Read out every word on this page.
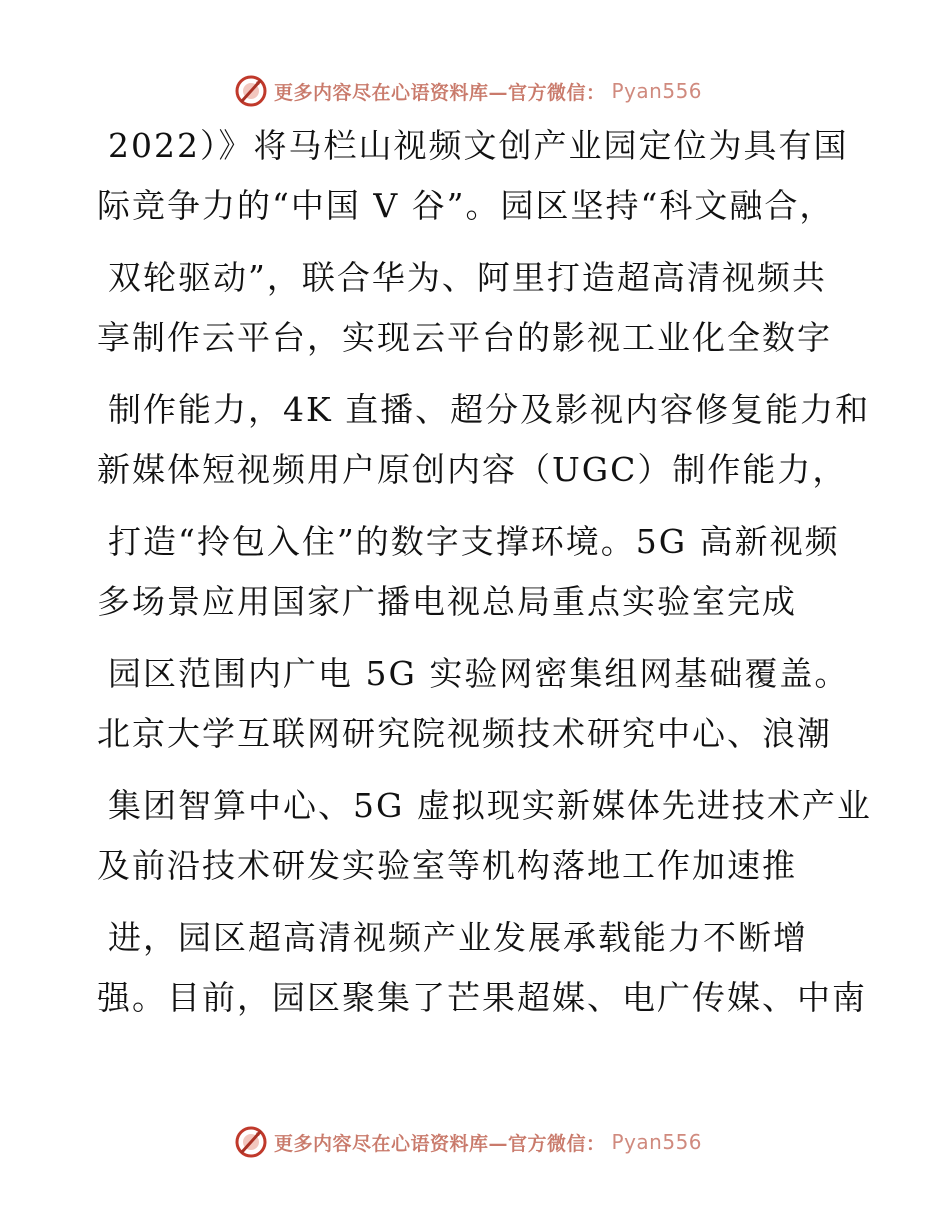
更多内容尽在心语资料库—官方微信： Pyan556
2022）》将马栏山视频文创产业园定位为具有国
际竞争力的“中国 V 谷”。园区坚持“科文融合，
双轮驱动”，联合华为、阿里打造超高清视频共
享制作云平台，实现云平台的影视工业化全数字
制作能力，4K 直播、超分及影视内容修复能力和
新媒体短视频用户原创内容（UGC）制作能力，
打造“拎包入住”的数字支撑环境。5G 高新视频
多场景应用国家广播电视总局重点实验室完成
园区范围内广电 5G 实验网密集组网基础覆盖。
北京大学互联网研究院视频技术研究中心、浪潮
集团智算中心、5G 虚拟现实新媒体先进技术产业
及前沿技术研发实验室等机构落地工作加速推
进，园区超高清视频产业发展承载能力不断增
强。目前，园区聚集了芒果超媒、电广传媒、中南
更多内容尽在心语资料库—官方微信： Pyan556
